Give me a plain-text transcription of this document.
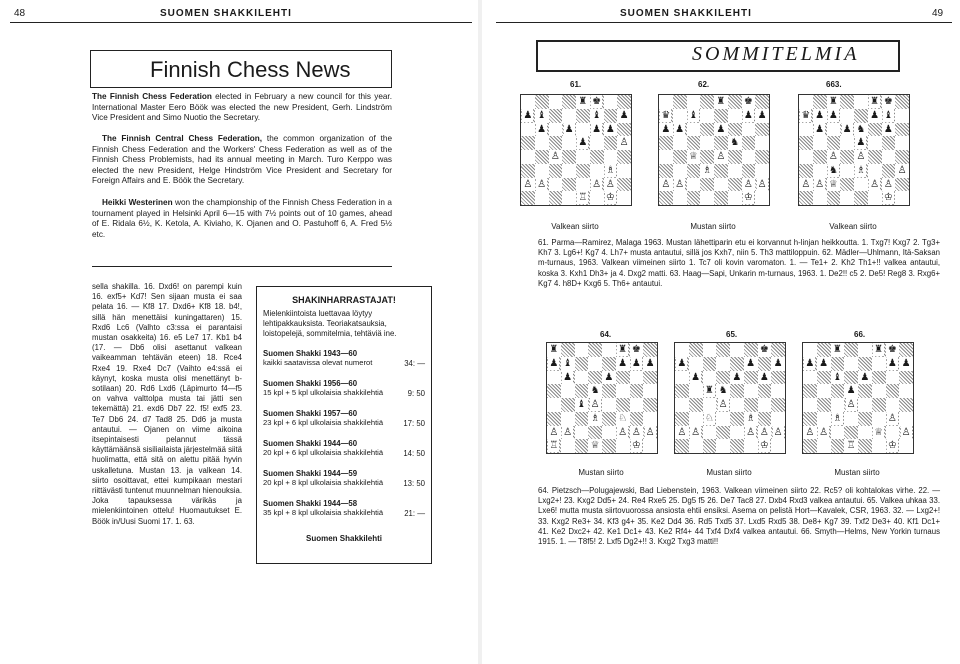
48	SUOMEN SHAKKILEHTI
Finnish Chess News
The Finnish Chess Federation elected in February a new council for this year. International Master Eero Böök was elected the new President, Gerh. Lindström Vice President and Simo Nuotio the Secretary.
The Finnish Central Chess Federation, the common organization of the Finnish Chess Federation and the Workers' Chess Federation as well as of the Finnish Chess Problemists, had its annual meeting in March. Turo Kerppo was elected the new President, Helge Hindström Vice President and Secretary for Foreign Affairs and E. Böök the Secretary.
Heikki Westerinen won the championship of the Finnish Chess Federation in a tournament played in Helsinki April 6—15 with 7½ points out of 10 games, ahead of E. Ridala 6½, K. Ketola, A. Kiviaho, K. Ojanen and O. Pastuhoff 6, A. Fred 5½ etc.
sella shakilla. 16. Dxd6! on parempi kuin 16. exf5+ Kd7! Sen sijaan musta ei saa pelata 16. — Kf8 17. Dxd6+ Kf8 18. b4!, sillä hän menettäisi kuningattaren) 15. Rxd6 Lc6 (Valhto c3:ssa ei parantaisi mustan osakkeita) 16. e5 Le7 17. Kb1 b4 (17. — Db6 olisi asettanut valkean vaikeamman tehtävän eteen) 18. Rce4 Rxe4 19. Rxe4 Dc7 (Vaihto e4:ssä ei käynyt, koska musta olisi menettänyt b-sotilaan) 20. Rd6 Lxd6 (Läpimurto f4—f5 on vahva valttolpa musta tai jätti sen tekemättä) 21. exd6 Db7 22. f5! exf5 23. Te7 Db6 24. d7 Tad8 25. Dd6 ja musta antautui. — Ojanen on viime aikoina itsepintaisesti pelannut tässä käyttämäänsä sisiliailaista järjestelmää siitä huolimatta, että sitä on alettu pitää hyvin uskalletuna. Mustan 13. ja valkean 14. siirto osoittavat, ettei kumpikaan mestari riittävästi tuntenut muunnelman hienouksia. Joka tapauksessa värikäs ja mielenkiintoinen ottelu! Huomautukset E. Böök in/Uusi Suomi 17. 1. 63.
SHAKINHARRASTAJAT!
Mielenkiintoista luettavaa löytyy lehtipakkauksista. Teoriakatsauksia, loistopelejä, sommitelmia, tehtäviä ine.
Suomen Shakki 1943—60
kaikki saatavissa olevat numerot	34: —
Suomen Shakki 1956—60
15 kpl + 5 kpl ulkolaisia shakkilehtiä	9: 50
Suomen Shakki 1957—60
23 kpl + 6 kpl ulkolaisia shakkilehtiä	17: 50
Suomen Shakki 1944—60
20 kpl + 6 kpl ulkolaisia shakkilehtiä	14: 50
Suomen Shakki 1944—59
20 kpl + 8 kpl ulkolaisia shakkilehtiä	13: 50
Suomen Shakki 1944—58
35 kpl + 8 kpl ulkolaisia shakkilehtiä	21: —
Suomen Shakkilehti
SUOMEN SHAKKILEHTI	49
SOMMITELMIA
61.	62.	663.
♜ ♚
♟ ♝	♝ ♟
♟ ♟ ♟ ♟
♟	♙
♙
♗
♙ ♙	♙ ♙
♖ ♔
♜ ♚
♛ ♝	♟ ♟
♟ ♟	♟
♞
♕ ♙
♗
♙ ♙	♙ ♙
♔
♜	♜ ♚
♛ ♟ ♟	♟ ♝
♟ ♟ ♞ ♟
♟
♙ ♙
♞ ♗	♙
♙ ♙ ♕	♙ ♙
♔
Valkean siirto	Mustan siirto	Valkean siirto
61. Parma—Ramirez, Malaga 1963. Mustan lähettiparin etu ei korvannut h-linjan heikkoutta. 1. Txg7! Kxg7 2. Tg3+ Kh7 3. Lg6+! Kg7 4. Lh7+ musta antautui, sillä jos Kxh7, niin 5. Th3 mattiloppuin. 62. Mädler—Uhlmann, Itä-Saksan m-turnaus, 1963. Valkean viimeinen siirto 1. Tc7 oli kovin varomaton. 1. — Te1+ 2. Kh2 Th1+!! valkea antautui, koska 3. Kxh1 Dh3+ ja 4. Dxg2 matti. 63. Haag—Sapi, Unkarin m-turnaus, 1963. 1. De2!! c5 2. De5! Reg8 3. Rxg6+ Kg7 4. h8D+ Kxg6 5. Th6+ antautui.
64.	65.	66.
♜	♜ ♚
♟ ♝	♟ ♟ ♟
♟	♟
♞
♝ ♙
♗ ♘
♙ ♙	♙ ♙ ♙
♖	♕	♔
♚
♟	♟ ♟
♟	♟ ♟
♜ ♞
♙
♘	♗
♙ ♙	♙ ♙ ♙
♔
♜	♜ ♚
♟ ♟	♟ ♟
♝ ♟
♟
♙
♗	♙
♙ ♙	♕ ♙
♖	♔
Mustan siirto	Mustan siirto	Mustan siirto
64. Pietzsch—Polugajewski, Bad Liebenstein, 1963. Valkean viimeinen siirto 22. Rc5? oli kohtalokas virhe. 22. — Lxg2+! 23. Kxg2 Dd5+ 24. Re4 Rxe5 25. Dg5 f5 26. De7 Tac8 27. Dxb4 Rxd3 valkea antautui. 65. Valkea uhkaa 33. Lxe6! mutta musta siirtovuorossa ansiosta ehtii ensiksi. Asema on pelistä Hort—Kavalek, CSR, 1963. 32. — Lxg2+! 33. Kxg2 Re3+ 34. Kf3 g4+ 35. Ke2 Dd4 36. Rd5 Txd5 37. Lxd5 Rxd5 38. De8+ Kg7 39. Txf2 De3+ 40. Kf1 Dc1+ 41. Ke2 Dxc2+ 42. Ke1 Dc1+ 43. Ke2 Rf4+ 44 Txf4 Dxf4 valkea antautui. 66. Smyth—Helms, New Yorkin turnaus 1915. 1. — T8f5! 2. Lxf5 Dg2+!! 3. Kxg2 Txg3 matti!!
